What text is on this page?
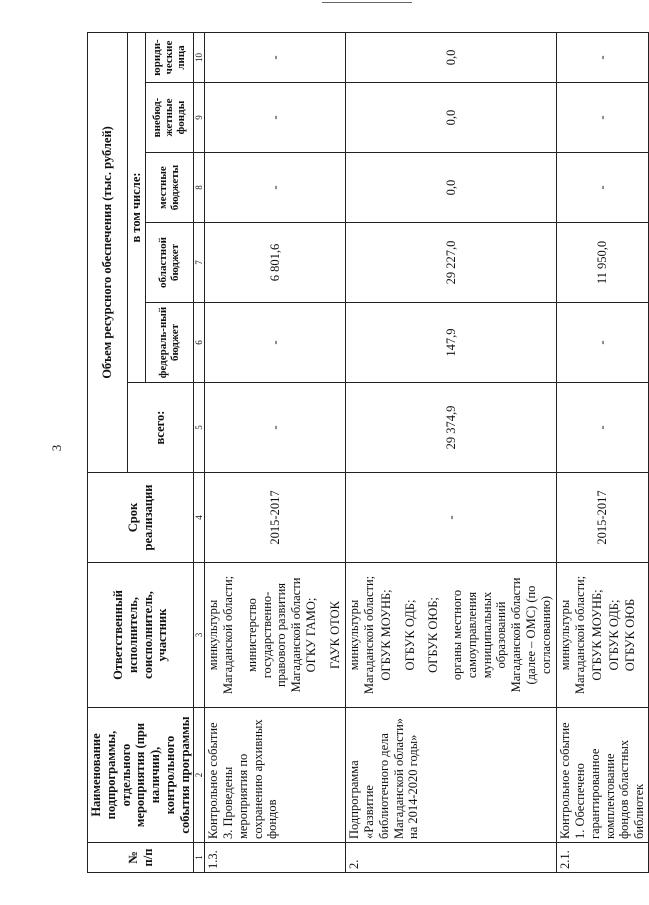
3
№ п/п	Наименование подпрограммы, отдельного мероприятия (при наличии), контрольного события программы	Ответственный исполнитель, соисполнитель, участник	Срок реализации	Объем ресурсного обеспечения (тыс. рублей)					
				всего:	в том числе:				
					федераль-ный бюджет	областной бюджет	местные бюджеты	внебюд-жетные фонды	юриди-ческие лица
1	2	3	4	5	6	7	8	9	10
1.3.	Контрольное событие 3. Проведены мероприятия по сохранению архивных фондов	минкультуры Магаданской области; министерство государственно-правового развития Магаданской области ОГКУ ГАМО; ГАУК ОТОК	2015-2017	-	-	6 801,6	-	-	-
2.	Подпрограмма «Развитие библиотечного дела Магаданской области» на 2014-2020 годы»	минкультуры Магаданской области; ОГБУК МОУНБ; ОГБУК ОДБ; ОГБУК ОЮБ; органы местного самоуправления муниципальных образований Магаданской области (далее – ОМС) (по согласованию)	-	29 374,9	147,9	29 227,0	0,0	0,0	0,0
2.1.	Контрольное событие 1. Обеспечено гарантированное комплектование фондов областных библиотек	минкультуры Магаданской области; ОГБУК МОУНБ; ОГБУК ОДБ; ОГБУК ОЮБ	2015-2017	-	-	11 950,0	-	-	-
